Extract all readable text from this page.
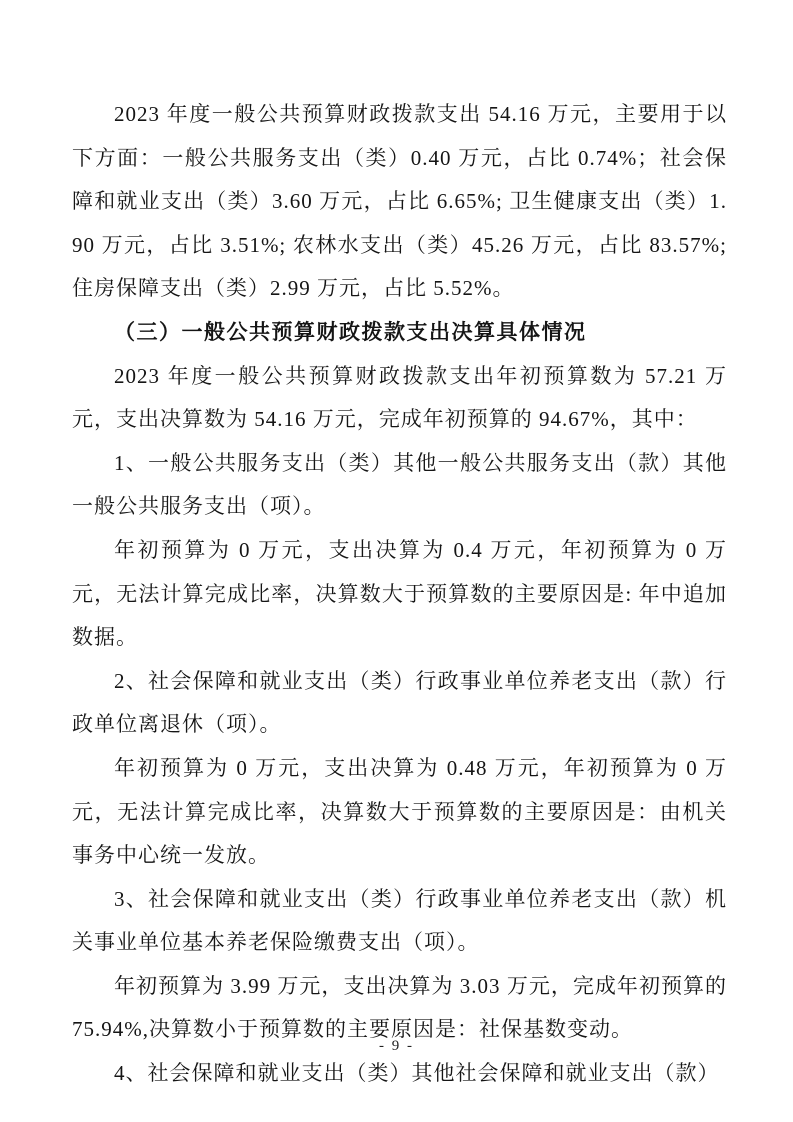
2023 年度一般公共预算财政拨款支出 54.16 万元，主要用于以下方面：一般公共服务支出（类）0.40 万元，占比 0.74%；社会保障和就业支出（类）3.60 万元，占比 6.65%; 卫生健康支出（类）1.90 万元，占比 3.51%; 农林水支出（类）45.26 万元，占比 83.57%; 住房保障支出（类）2.99 万元，占比 5.52%。

（三）一般公共预算财政拨款支出决算具体情况

2023 年度一般公共预算财政拨款支出年初预算数为 57.21 万元，支出决算数为 54.16 万元，完成年初预算的 94.67%，其中：

1、一般公共服务支出（类）其他一般公共服务支出（款）其他一般公共服务支出（项）。

年初预算为 0 万元，支出决算为 0.4 万元，年初预算为 0 万元，无法计算完成比率，决算数大于预算数的主要原因是: 年中追加数据。

2、社会保障和就业支出（类）行政事业单位养老支出（款）行政单位离退休（项）。

年初预算为 0 万元，支出决算为 0.48 万元，年初预算为 0 万元，无法计算完成比率，决算数大于预算数的主要原因是：由机关事务中心统一发放。

3、社会保障和就业支出（类）行政事业单位养老支出（款）机关事业单位基本养老保险缴费支出（项）。

年初预算为 3.99 万元，支出决算为 3.03 万元，完成年初预算的 75.94%,决算数小于预算数的主要原因是：社保基数变动。

4、社会保障和就业支出（类）其他社会保障和就业支出（款）

- 9 -
